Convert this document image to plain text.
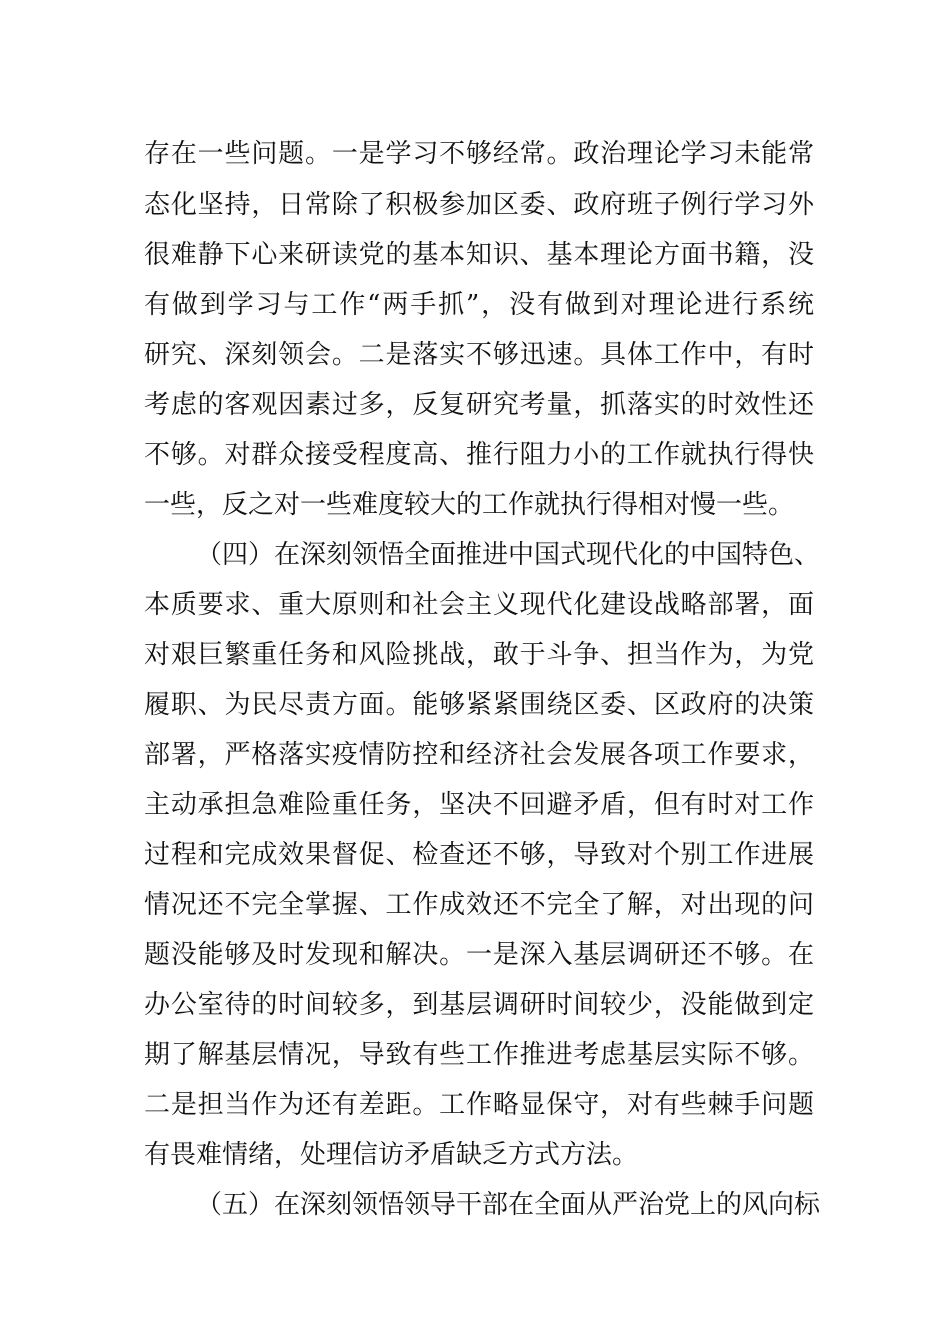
存在一些问题。一是学习不够经常。政治理论学习未能常
态化坚持，日常除了积极参加区委、政府班子例行学习外
很难静下心来研读党的基本知识、基本理论方面书籍，没
有做到学习与工作“两手抓”，没有做到对理论进行系统
研究、深刻领会。二是落实不够迅速。具体工作中，有时
考虑的客观因素过多，反复研究考量，抓落实的时效性还
不够。对群众接受程度高、推行阻力小的工作就执行得快
一些，反之对一些难度较大的工作就执行得相对慢一些。
（四）在深刻领悟全面推进中国式现代化的中国特色、
本质要求、重大原则和社会主义现代化建设战略部署，面
对艰巨繁重任务和风险挑战，敢于斗争、担当作为，为党
履职、为民尽责方面。能够紧紧围绕区委、区政府的决策
部署，严格落实疫情防控和经济社会发展各项工作要求，
主动承担急难险重任务，坚决不回避矛盾，但有时对工作
过程和完成效果督促、检查还不够，导致对个别工作进展
情况还不完全掌握、工作成效还不完全了解，对出现的问
题没能够及时发现和解决。一是深入基层调研还不够。在
办公室待的时间较多，到基层调研时间较少，没能做到定
期了解基层情况，导致有些工作推进考虑基层实际不够。
二是担当作为还有差距。工作略显保守，对有些棘手问题
有畏难情绪，处理信访矛盾缺乏方式方法。
（五）在深刻领悟领导干部在全面从严治党上的风向标
